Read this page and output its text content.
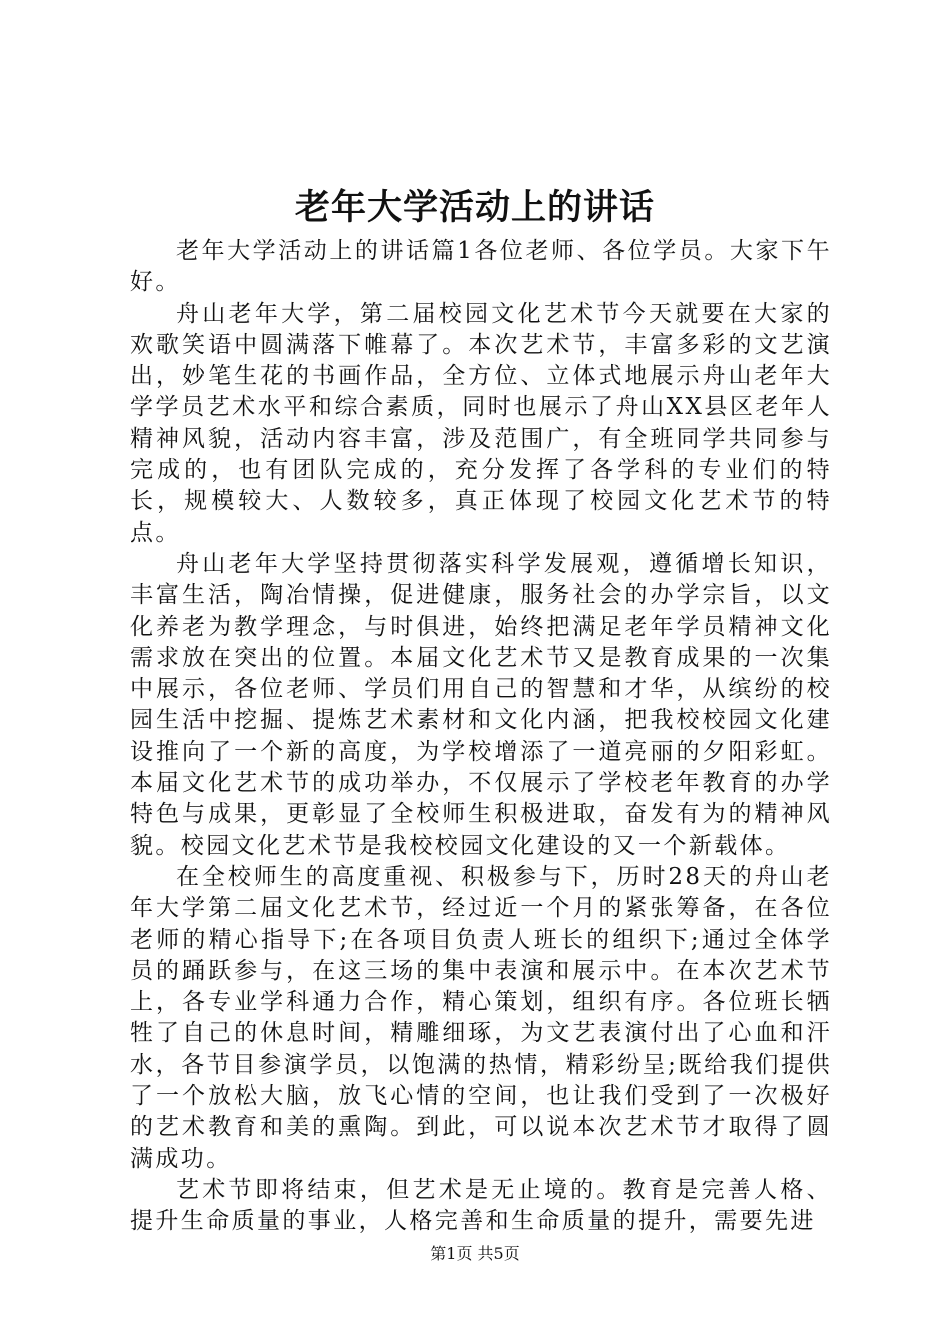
老年大学活动上的讲话

老年大学活动上的讲话篇1各位老师、各位学员。大家下午好。

舟山老年大学，第二届校园文化艺术节今天就要在大家的欢歌笑语中圆满落下帷幕了。本次艺术节，丰富多彩的文艺演出，妙笔生花的书画作品，全方位、立体式地展示舟山老年大学学员艺术水平和综合素质，同时也展示了舟山XX县区老年人精神风貌，活动内容丰富，涉及范围广，有全班同学共同参与完成的，也有团队完成的，充分发挥了各学科的专业们的特长，规模较大、人数较多，真正体现了校园文化艺术节的特点。

舟山老年大学坚持贯彻落实科学发展观，遵循增长知识，丰富生活，陶冶情操，促进健康，服务社会的办学宗旨，以文化养老为教学理念，与时俱进，始终把满足老年学员精神文化需求放在突出的位置。本届文化艺术节又是教育成果的一次集中展示，各位老师、学员们用自己的智慧和才华，从缤纷的校园生活中挖掘、提炼艺术素材和文化内涵，把我校校园文化建设推向了一个新的高度，为学校增添了一道亮丽的夕阳彩虹。本届文化艺术节的成功举办，不仅展示了学校老年教育的办学特色与成果，更彰显了全校师生积极进取，奋发有为的精神风貌。校园文化艺术节是我校校园文化建设的又一个新载体。

在全校师生的高度重视、积极参与下，历时28天的舟山老年大学第二届文化艺术节，经过近一个月的紧张筹备，在各位老师的精心指导下;在各项目负责人班长的组织下;通过全体学员的踊跃参与，在这三场的集中表演和展示中。在本次艺术节上，各专业学科通力合作，精心策划，组织有序。各位班长牺牲了自己的休息时间，精雕细琢，为文艺表演付出了心血和汗水，各节目参演学员，以饱满的热情，精彩纷呈;既给我们提供了一个放松大脑，放飞心情的空间，也让我们受到了一次极好的艺术教育和美的熏陶。到此，可以说本次艺术节才取得了圆满成功。

艺术节即将结束，但艺术是无止境的。教育是完善人格、提升生命质量的事业，人格完善和生命质量的提升，需要先进

第1页 共5页
